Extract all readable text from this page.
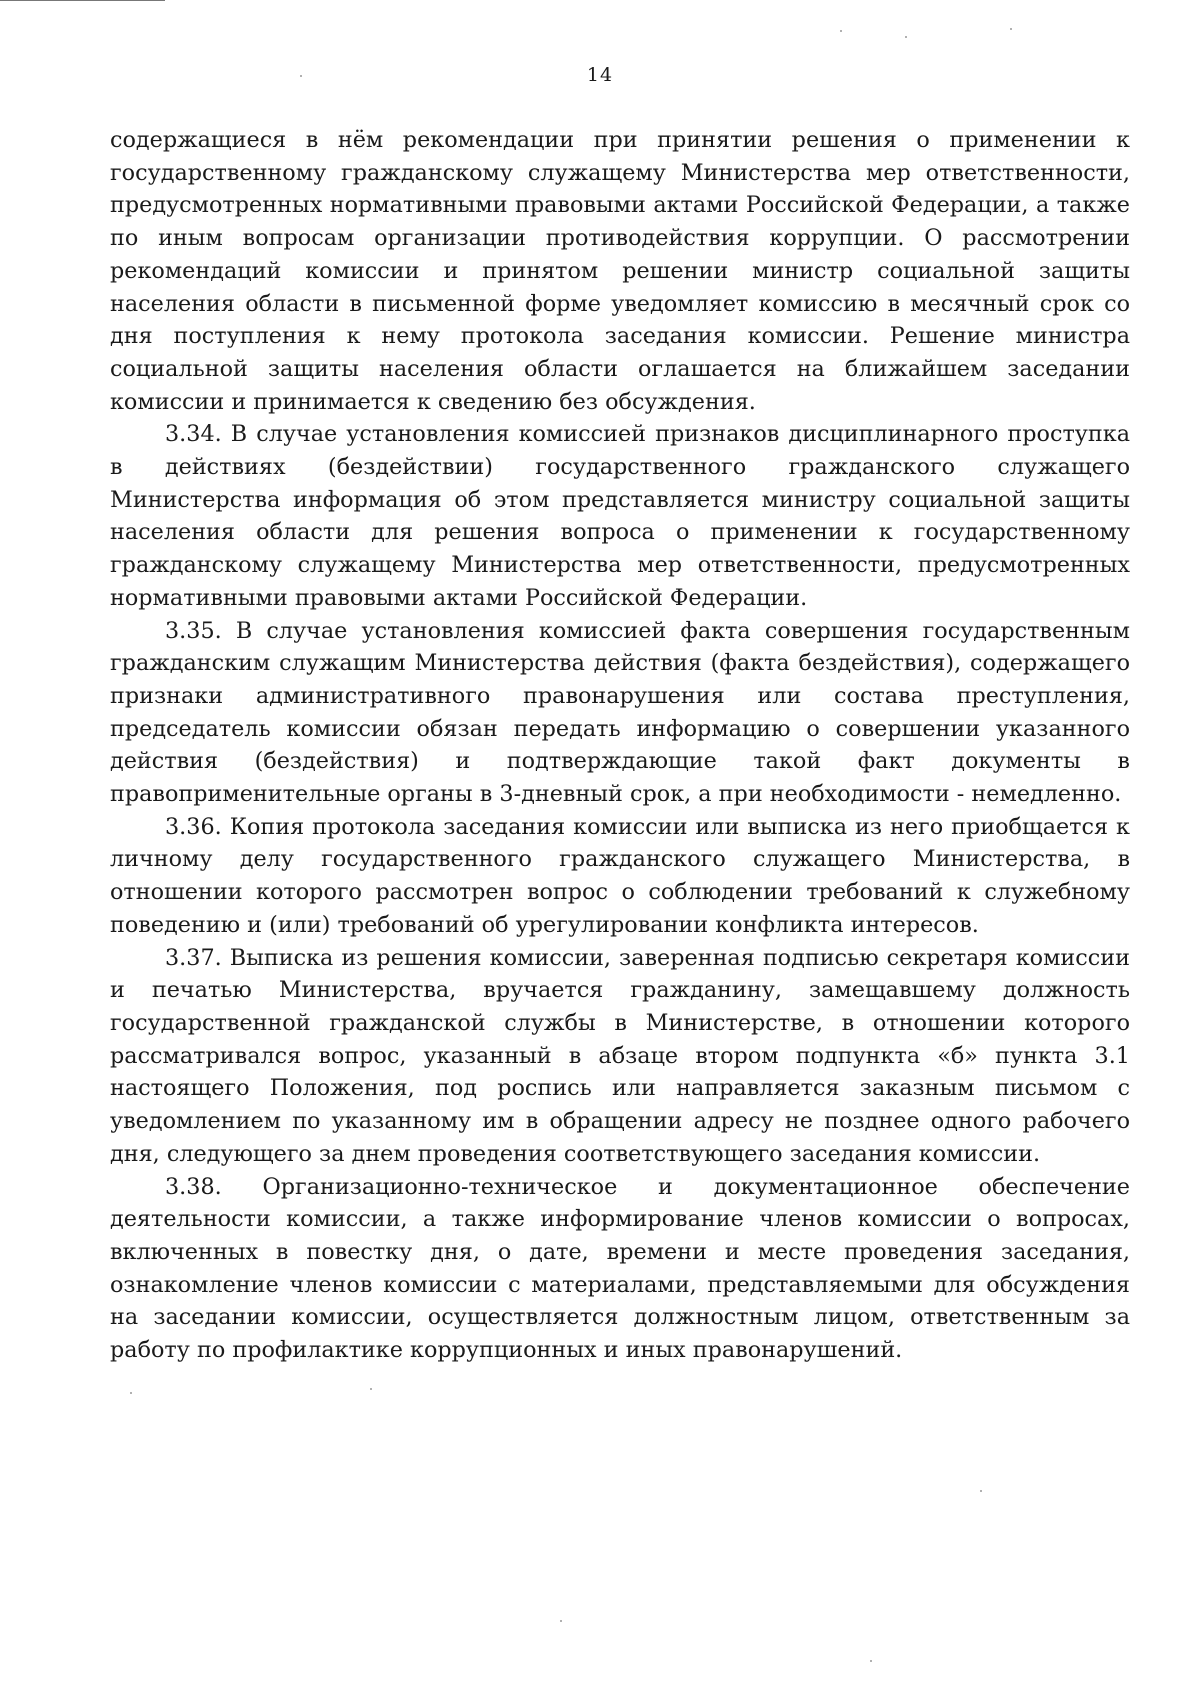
14

содержащиеся в нём рекомендации при принятии решения о применении к государственному гражданскому служащему Министерства мер ответственности, предусмотренных нормативными правовыми актами Российской Федерации, а также по иным вопросам организации противодействия коррупции. О рассмотрении рекомендаций комиссии и принятом решении министр социальной защиты населения области в письменной форме уведомляет комиссию в месячный срок со дня поступления к нему протокола заседания комиссии. Решение министра социальной защиты населения области оглашается на ближайшем заседании комиссии и принимается к сведению без обсуждения.

3.34. В случае установления комиссией признаков дисциплинарного проступка в действиях (бездействии) государственного гражданского служащего Министерства информация об этом представляется министру социальной защиты населения области для решения вопроса о применении к государственному гражданскому служащему Министерства мер ответственности, предусмотренных нормативными правовыми актами Российской Федерации.

3.35. В случае установления комиссией факта совершения государственным гражданским служащим Министерства действия (факта бездействия), содержащего признаки административного правонарушения или состава преступления, председатель комиссии обязан передать информацию о совершении указанного действия (бездействия) и подтверждающие такой факт документы в правоприменительные органы в 3-дневный срок, а при необходимости - немедленно.

3.36. Копия протокола заседания комиссии или выписка из него приобщается к личному делу государственного гражданского служащего Министерства, в отношении которого рассмотрен вопрос о соблюдении требований к служебному поведению и (или) требований об урегулировании конфликта интересов.

3.37. Выписка из решения комиссии, заверенная подписью секретаря комиссии и печатью Министерства, вручается гражданину, замещавшему должность государственной гражданской службы в Министерстве, в отношении которого рассматривался вопрос, указанный в абзаце втором подпункта «б» пункта 3.1 настоящего Положения, под роспись или направляется заказным письмом с уведомлением по указанному им в обращении адресу не позднее одного рабочего дня, следующего за днем проведения соответствующего заседания комиссии.

3.38. Организационно-техническое и документационное обеспечение деятельности комиссии, а также информирование членов комиссии о вопросах, включенных в повестку дня, о дате, времени и месте проведения заседания, ознакомление членов комиссии с материалами, представляемыми для обсуждения на заседании комиссии, осуществляется должностным лицом, ответственным за работу по профилактике коррупционных и иных правонарушений.
